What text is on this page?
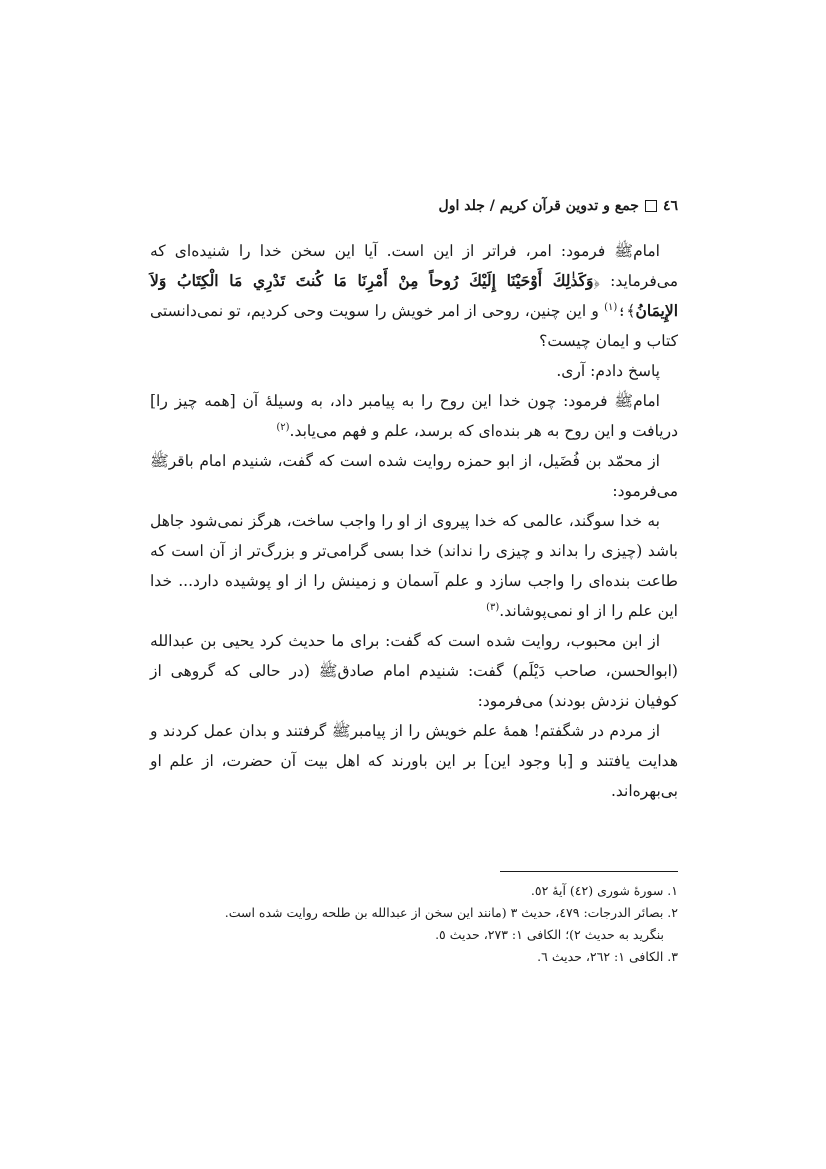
٤٦
جمع و تدوین قرآن کریم / جلد اول

امامﷺ فرمود: امر، فراتر از این است. آیا این سخن خدا را شنیده‌ای که می‌فرماید: ﴿وَكَذٰلِكَ أَوْحَيْنَا إِلَيْكَ رُوحاً مِنْ أَمْرِنَا مَا كُنتَ تَدْرِي مَا الْكِتَابُ وَلاَ الإِيمَانُ﴾؛$^{(١)}$ و این چنین، روحی از امر خویش را سویت وحی کردیم، تو نمی‌دانستی کتاب و ایمان چیست؟

پاسخ دادم: آری.

امامﷺ فرمود: چون خدا این روح را به پیامبر داد، به وسیلهٔ آن [همه چیز را] دریافت و این روح به هر بنده‌ای که برسد، علم و فهم می‌یابد.$^{(٢)}$

از محمّد بن فُضَیل، از ابو حمزه روایت شده است که گفت، شنیدم امام باقرﷺ می‌فرمود:

به خدا سوگند، عالمی که خدا پیروی از او را واجب ساخت، هرگز نمی‌شود جاهل باشد (چیزی را بداند و چیزی را نداند) خدا بسی گرامی‌تر و بزرگ‌تر از آن است که طاعت بنده‌ای را واجب سازد و علم آسمان و زمینش را از او پوشیده دارد... خدا این علم را از او نمی‌پوشاند.$^{(٣)}$

از ابن محبوب، روایت شده است که گفت: برای ما حدیث کرد یحیی بن عبدالله (ابوالحسن، صاحب دَیْلَم) گفت: شنیدم امام صادقﷺ (در حالی که گروهی از کوفیان نزدش بودند) می‌فرمود:

از مردم در شگفتم! همهٔ علم خویش را از پیامبرﷺ گرفتند و بدان عمل کردند و هدایت یافتند و [با وجود این] بر این باورند که اهل بیت آن حضرت، از علم او بی‌بهره‌اند.

١. سورهٔ شوری (٤٢) آیهٔ ٥٢.
٢. بصائر الدرجات: ٤٧٩، حدیث ٣ (مانند این سخن از عبدالله بن طلحه روایت شده است.
بنگرید به حدیث ٢)؛ الکافی ١: ٢٧٣، حدیث ٥.
٣. الکافی ١: ٢٦٢، حدیث ٦.
